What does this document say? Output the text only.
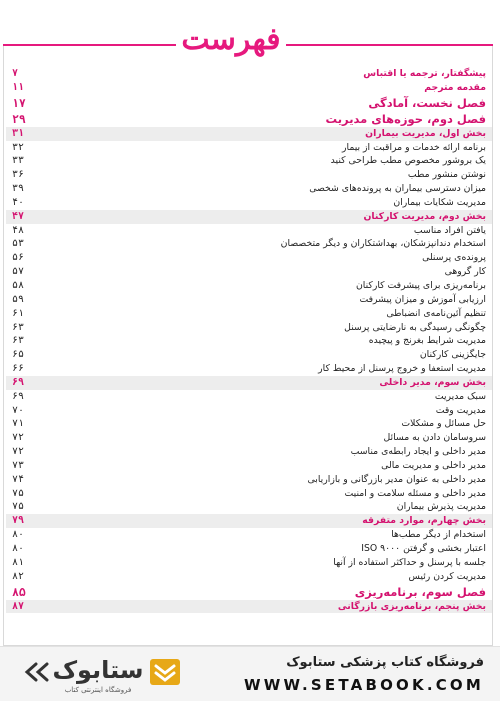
فهرست
۷	پیشگفتار، ترجمه یا اقتباس
۱۱	مقدمه مترجم
۱۷	فصل نخست، آمادگی
۲۹	فصل دوم، حوزه‌های مدیریت
۳۱	بخش اول، مدیریت بیماران
۳۲	برنامه ارائه خدمات و مراقبت از بیمار
۳۳	یک بروشور مخصوص مطب طراحی کنید
۳۶	نوشتن منشور مطب
۳۹	میزان دسترسی بیماران به پرونده‌های شخصی
۴۰	مدیریت شکایات بیماران
۴۷	بخش دوم، مدیریت کارکنان
۴۸	یافتن افراد مناسب
۵۳	استخدام دندانپزشکان، بهداشتکاران و دیگر متخصصان
۵۶	پرونده‌ی پرسنلی
۵۷	کار گروهی
۵۸	برنامه‌ریزی برای پیشرفت کارکنان
۵۹	ارزیابی آموزش و میزان پیشرفت
۶۱	تنظیم آئین‌نامه‌ی انضباطی
۶۳	چگونگی رسیدگی به نارضایتی پرسنل
۶۳	مدیریت شرایط بغرنج و پیچیده
۶۵	جایگزینی کارکنان
۶۶	مدیریت استعفا و خروج پرسنل از محیط کار
۶۹	بخش سوم، مدیر داخلی
۶۹	سبک مدیریت
۷۰	مدیریت وقت
۷۱	حل مسائل و مشکلات
۷۲	سروسامان دادن به مسائل
۷۲	مدیر داخلی و ایجاد رابطه‌ی مناسب
۷۳	مدیر داخلی و مدیریت مالی
۷۴	مدیر داخلی به عنوان مدیر بازرگانی و بازاریابی
۷۵	مدیر داخلی و مسئله سلامت و امنیت
۷۵	مدیریت پذیرش بیماران
۷۹	بخش چهارم، موارد متفرقه
۸۰	استخدام از دیگر مطب‌ها
۸۰	اعتبار بخشی و گرفتن ISO ۹۰۰۰
۸۱	جلسه با پرسنل و حداکثر استفاده از آنها
۸۲	مدیریت کردن رئیس
۸۵	فصل سوم، برنامه‌ریزی
۸۷	بخش پنجم، برنامه‌ریزی بازرگانی
ستابوک
فروشگاه اینترنتی کتاب
فروشگاه کتاب پزشکی ستابوک
WWW.SETABOOK.COM
